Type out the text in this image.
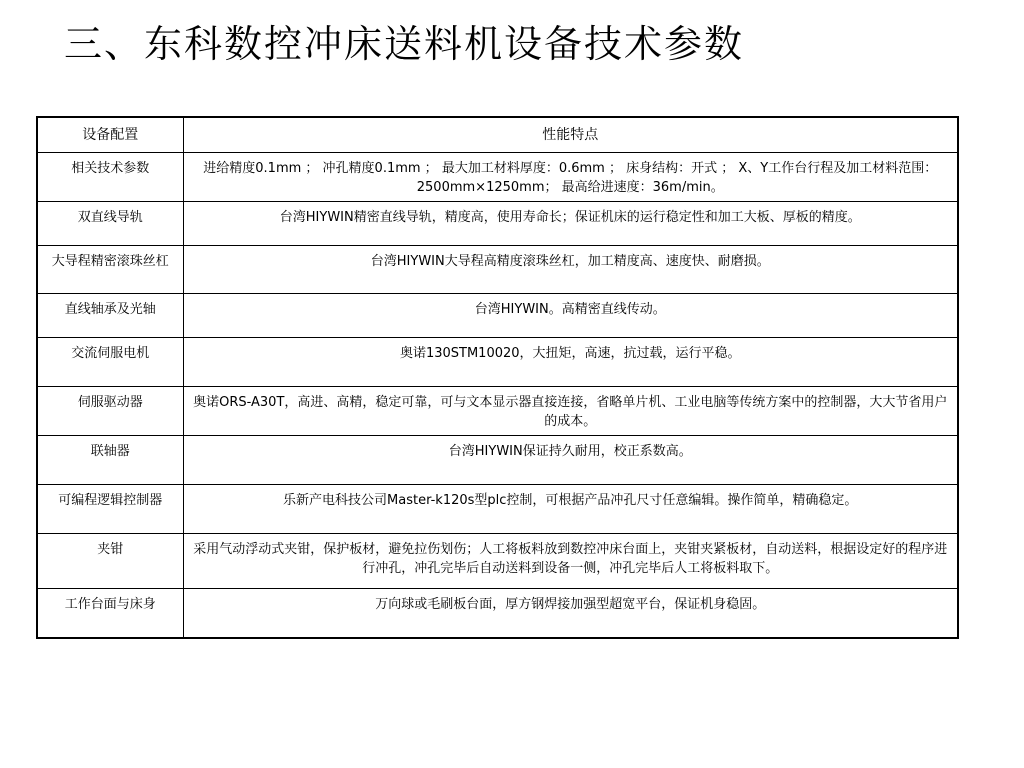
三、东科数控冲床送料机设备技术参数
设备配置	性能特点
相关技术参数	进给精度0.1mm ； 冲孔精度0.1mm ； 最大加工材料厚度：0.6mm ； 床身结构：开式 ； X、Y工作台行程及加工材料范围：2500mm×1250mm； 最高给进速度：36m/min。
双直线导轨	台湾HIYWIN精密直线导轨，精度高，使用寿命长；保证机床的运行稳定性和加工大板、厚板的精度。
大导程精密滚珠丝杠	台湾HIYWIN大导程高精度滚珠丝杠，加工精度高、速度快、耐磨损。
直线轴承及光轴	台湾HIYWIN。高精密直线传动。
交流伺服电机	奥诺130STM10020，大扭矩，高速，抗过载，运行平稳。
伺服驱动器	奥诺ORS-A30T，高进、高精，稳定可靠，可与文本显示器直接连接，省略单片机、工业电脑等传统方案中的控制器，大大节省用户的成本。
联轴器	台湾HIYWIN保证持久耐用，校正系数高。
可编程逻辑控制器	乐新产电科技公司Master-k120s型plc控制，可根据产品冲孔尺寸任意编辑。操作简单，精确稳定。
夹钳	采用气动浮动式夹钳，保护板材，避免拉伤划伤；人工将板料放到数控冲床台面上，夹钳夹紧板材，自动送料，根据设定好的程序进行冲孔，冲孔完毕后自动送料到设备一侧，冲孔完毕后人工将板料取下。
工作台面与床身	万向球或毛刷板台面，厚方钢焊接加强型超宽平台，保证机身稳固。
